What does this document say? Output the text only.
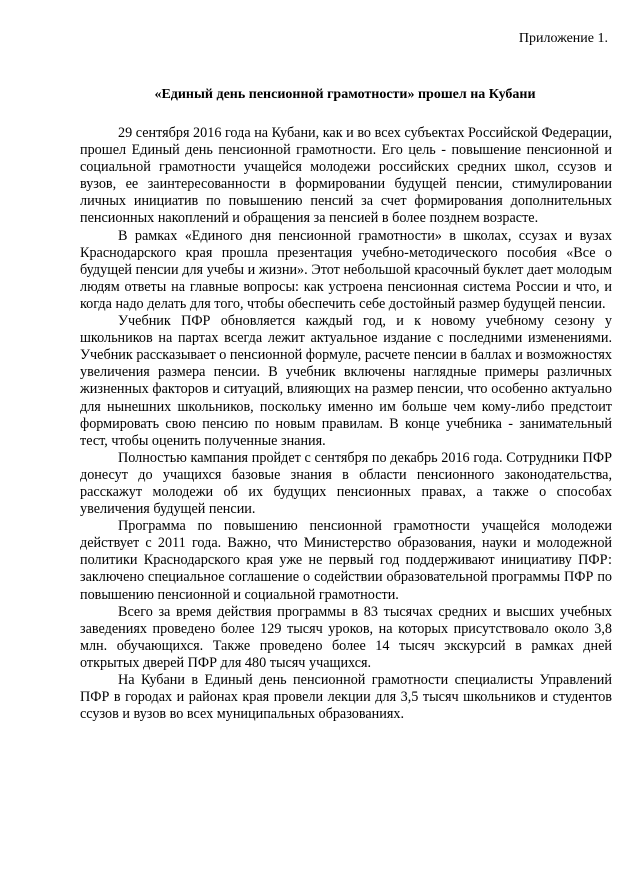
Приложение 1.
«Единый день пенсионной грамотности» прошел на Кубани

29 сентября 2016 года на Кубани, как и во всех субъектах Российской Федерации, прошел Единый день пенсионной грамотности. Его цель - повышение пенсионной и социальной грамотности учащейся молодежи российских средних школ, ссузов и вузов, ее заинтересованности в формировании будущей пенсии, стимулировании личных инициатив по повышению пенсий за счет формирования дополнительных пенсионных накоплений и обращения за пенсией в более позднем возрасте.

В рамках «Единого дня пенсионной грамотности» в школах, ссузах и вузах Краснодарского края прошла презентация учебно-методического пособия «Все о будущей пенсии для учебы и жизни». Этот небольшой красочный буклет дает молодым людям ответы на главные вопросы: как устроена пенсионная система России и что, и когда надо делать для того, чтобы обеспечить себе достойный размер будущей пенсии.

Учебник ПФР обновляется каждый год, и к новому учебному сезону у школьников на партах всегда лежит актуальное издание с последними изменениями. Учебник рассказывает о пенсионной формуле, расчете пенсии в баллах и возможностях увеличения размера пенсии. В учебник включены наглядные примеры различных жизненных факторов и ситуаций, влияющих на размер пенсии, что особенно актуально для нынешних школьников, поскольку именно им больше чем кому-либо предстоит формировать свою пенсию по новым правилам. В конце учебника - занимательный тест, чтобы оценить полученные знания.

Полностью кампания пройдет с сентября по декабрь 2016 года. Сотрудники ПФР донесут до учащихся базовые знания в области пенсионного законодательства, расскажут молодежи об их будущих пенсионных правах, а также о способах увеличения будущей пенсии.

Программа по повышению пенсионной грамотности учащейся молодежи действует с 2011 года. Важно, что Министерство образования, науки и молодежной политики Краснодарского края уже не первый год поддерживают инициативу ПФР: заключено специальное соглашение о содействии образовательной программы ПФР по повышению пенсионной и социальной грамотности.

Всего за время действия программы в 83 тысячах средних и высших учебных заведениях проведено более 129 тысяч уроков, на которых присутствовало около 3,8 млн. обучающихся. Также проведено более 14 тысяч экскурсий в рамках дней открытых дверей ПФР для 480 тысяч учащихся.

На Кубани в Единый день пенсионной грамотности специалисты Управлений ПФР в городах и районах края провели лекции для 3,5 тысяч школьников и студентов ссузов и вузов во всех муниципальных образованиях.
